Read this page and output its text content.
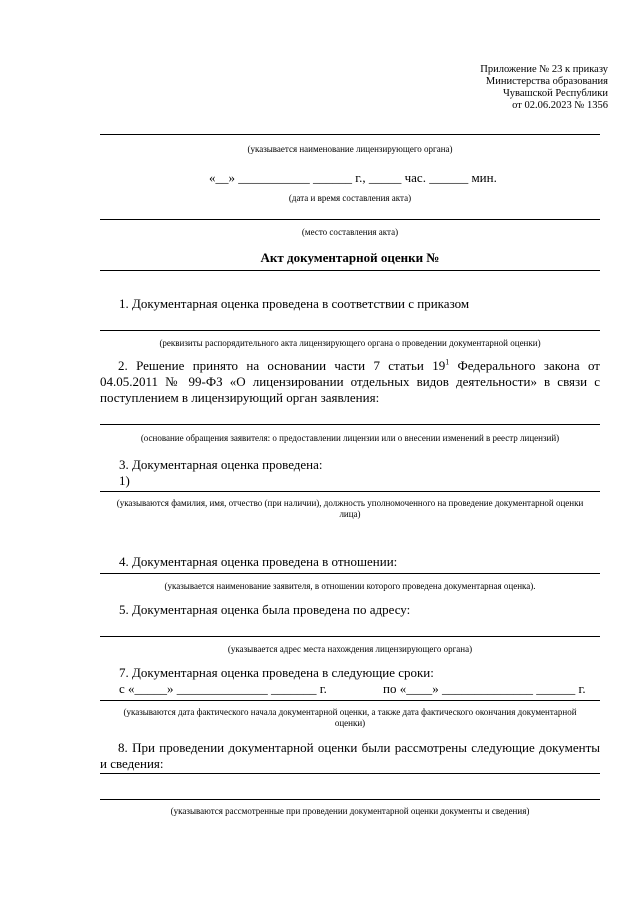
Приложение № 23 к приказу
Министерства образования
Чувашской Республики
от 02.06.2023 № 1356
(указывается наименование лицензирующего органа)
«__» ___________ ______ г., _____ час. ______ мин.
(дата и время составления акта)
(место составления акта)
Акт документарной оценки №
1. Документарная оценка проведена в соответствии с приказом
(реквизиты распорядительного акта лицензирующего органа о проведении документарной оценки)
2. Решение принято на основании части 7 статьи $19^1$ Федерального закона от 04.05.2011 № 99-ФЗ «О лицензировании отдельных видов деятельности» в связи с поступлением в лицензирующий орган заявления:
(основание обращения заявителя: о предоставлении лицензии или о внесении изменений в реестр лицензий)
3. Документарная оценка проведена:
1)
(указываются фамилия, имя, отчество (при наличии), должность уполномоченного на проведение документарной оценки лица)
4. Документарная оценка проведена в отношении:
(указывается наименование заявителя, в отношении которого проведена документарная оценка).
5. Документарная оценка была проведена по адресу:
(указывается адрес места нахождения лицензирующего органа)
7. Документарная оценка проведена в следующие сроки:
с «_____» ______________ _______ г.	по «____» ______________ ______ г.
(указываются дата фактического начала документарной оценки, а также дата фактического окончания документарной оценки)
8. При проведении документарной оценки были рассмотрены следующие документы и сведения:
(указываются рассмотренные при проведении документарной оценки документы и сведения)
